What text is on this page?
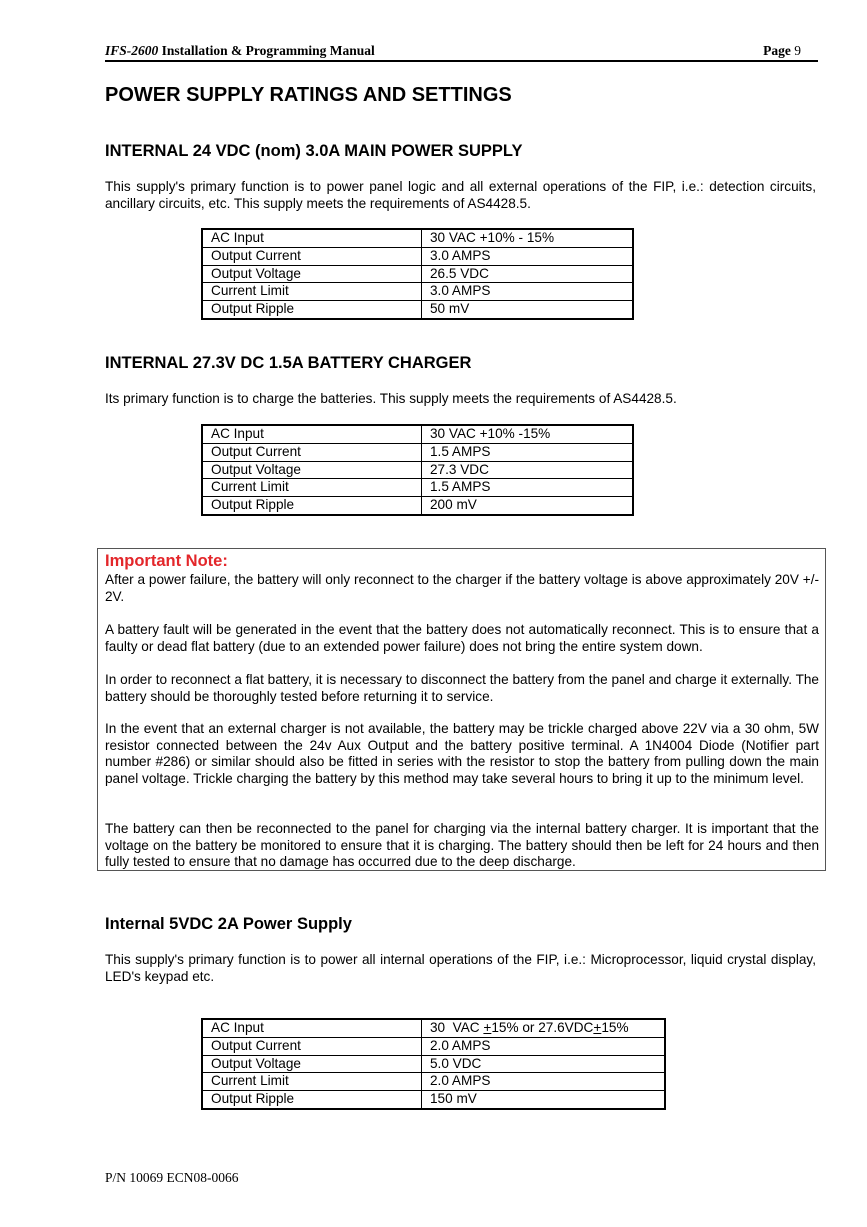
IFS-2600 Installation & Programming Manual	Page 9
POWER SUPPLY RATINGS AND SETTINGS
INTERNAL 24 VDC (nom) 3.0A MAIN POWER SUPPLY

This supply's primary function is to power panel logic and all external operations of the FIP, i.e.: detection circuits, ancillary circuits, etc. This supply meets the requirements of AS4428.5.

AC Input	30 VAC +10% - 15%
Output Current	3.0 AMPS
Output Voltage	26.5 VDC
Current Limit	3.0 AMPS
Output Ripple	50 mV
INTERNAL 27.3V DC 1.5A BATTERY CHARGER

Its primary function is to charge the batteries. This supply meets the requirements of AS4428.5.

AC Input	30 VAC +10% -15%
Output Current	1.5 AMPS
Output Voltage	27.3 VDC
Current Limit	1.5 AMPS
Output Ripple	200 mV
Important Note:

After a power failure, the battery will only reconnect to the charger if the battery voltage is above approximately 20V +/- 2V.

A battery fault will be generated in the event that the battery does not automatically reconnect. This is to ensure that a faulty or dead flat battery (due to an extended power failure) does not bring the entire system down.

In order to reconnect a flat battery, it is necessary to disconnect the battery from the panel and charge it externally. The battery should be thoroughly tested before returning it to service.

In the event that an external charger is not available, the battery may be trickle charged above 22V via a 30 ohm, 5W resistor connected between the 24v Aux Output and the battery positive terminal. A 1N4004 Diode (Notifier part number #286) or similar should also be fitted in series with the resistor to stop the battery from pulling down the main panel voltage. Trickle charging the battery by this method may take several hours to bring it up to the minimum level.

The battery can then be reconnected to the panel for charging via the internal battery charger. It is important that the voltage on the battery be monitored to ensure that it is charging. The battery should then be left for 24 hours and then fully tested to ensure that no damage has occurred due to the deep discharge.

Internal 5VDC 2A Power Supply

This supply's primary function is to power all internal operations of the FIP, i.e.: Microprocessor, liquid crystal display, LED's keypad etc.

AC Input	30  VAC +15% or 27.6VDC+15%
Output Current	2.0 AMPS
Output Voltage	5.0 VDC
Current Limit	2.0 AMPS
Output Ripple	150 mV
P/N 10069 ECN08-0066
